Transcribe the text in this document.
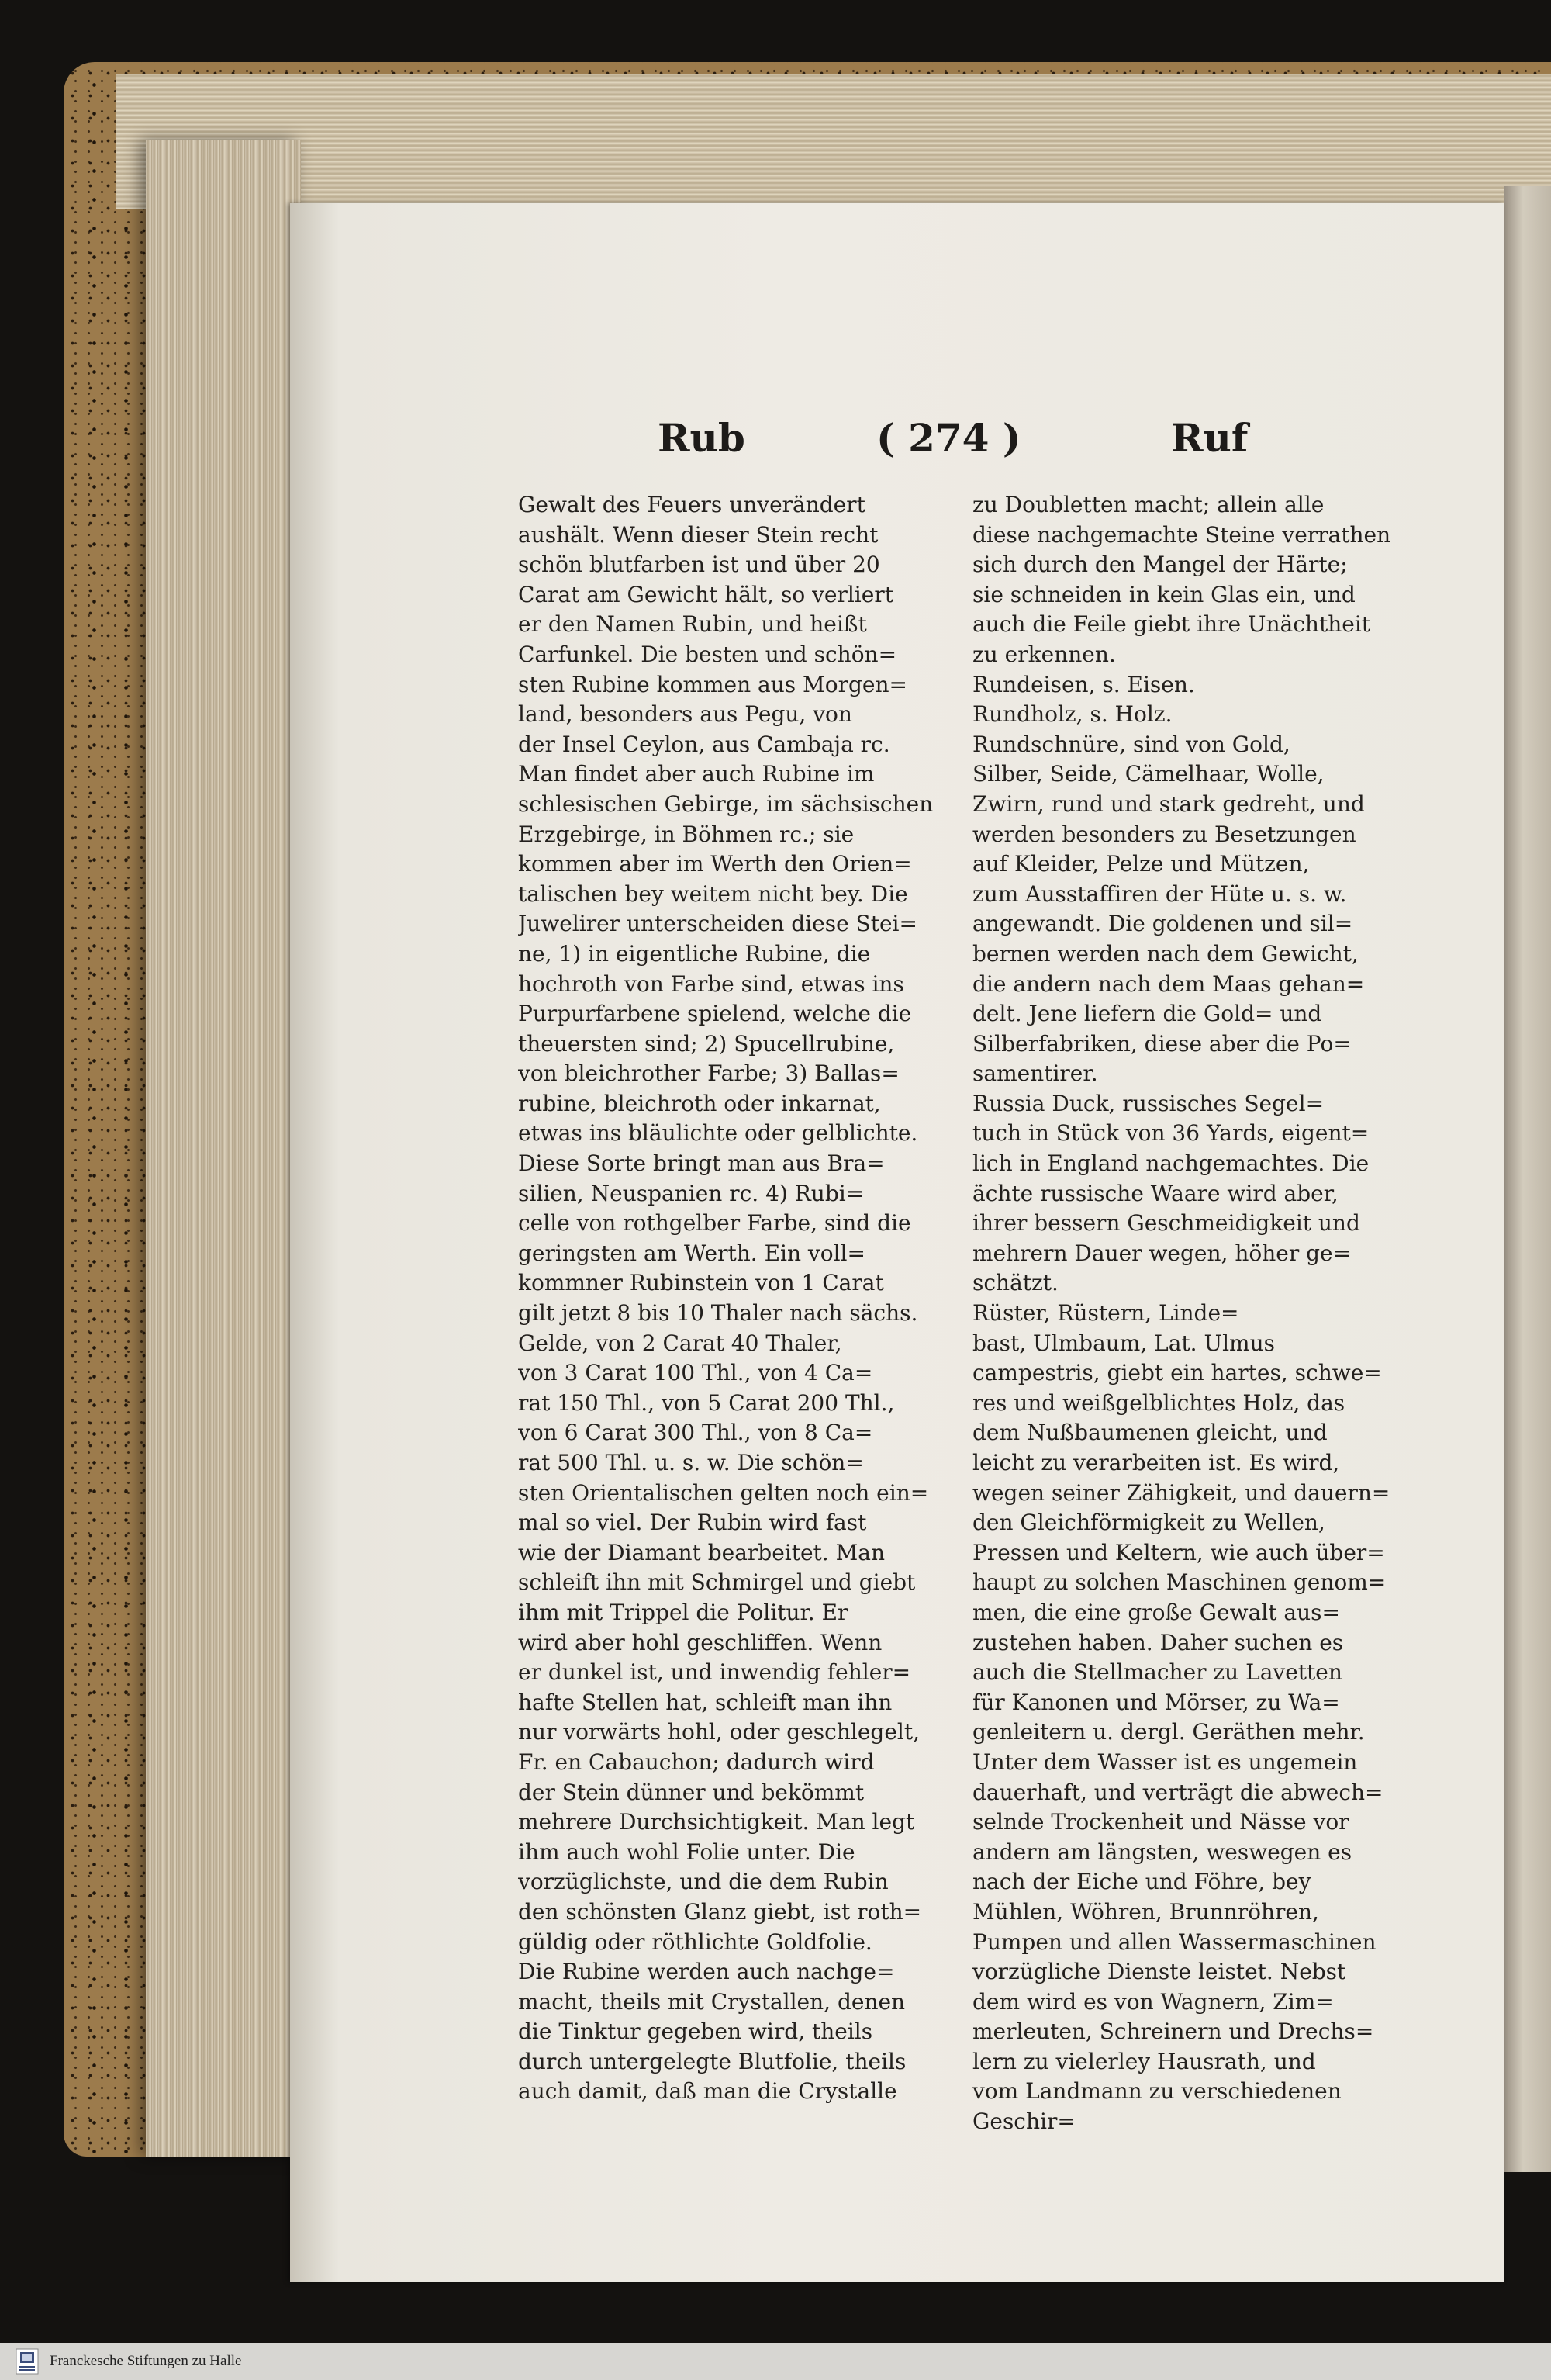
Rub	( 274 )	Ruf
Gewalt des Feuers unverändert
aushält. Wenn dieser Stein recht
schön blutfarben ist und über 20
Carat am Gewicht hält, so verliert
er den Namen Rubin, und heißt
Carfunkel. Die besten und schön=
sten Rubine kommen aus Morgen=
land, besonders aus Pegu, von
der Insel Ceylon, aus Cambaja rc.
Man findet aber auch Rubine im
schlesischen Gebirge, im sächsischen
Erzgebirge, in Böhmen rc.; sie
kommen aber im Werth den Orien=
talischen bey weitem nicht bey. Die
Juwelirer unterscheiden diese Stei=
ne, 1) in eigentliche Rubine, die
hochroth von Farbe sind, etwas ins
Purpurfarbene spielend, welche die
theuersten sind; 2) Spucellrubine,
von bleichrother Farbe; 3) Ballas=
rubine, bleichroth oder inkarnat,
etwas ins bläulichte oder gelblichte.
Diese Sorte bringt man aus Bra=
silien, Neuspanien rc. 4) Rubi=
celle von rothgelber Farbe, sind die
geringsten am Werth. Ein voll=
kommner Rubinstein von 1 Carat
gilt jetzt 8 bis 10 Thaler nach sächs.
Gelde, von 2 Carat 40 Thaler,
von 3 Carat 100 Thl., von 4 Ca=
rat 150 Thl., von 5 Carat 200 Thl.,
von 6 Carat 300 Thl., von 8 Ca=
rat 500 Thl. u. s. w. Die schön=
sten Orientalischen gelten noch ein=
mal so viel. Der Rubin wird fast
wie der Diamant bearbeitet. Man
schleift ihn mit Schmirgel und giebt
ihm mit Trippel die Politur. Er
wird aber hohl geschliffen. Wenn
er dunkel ist, und inwendig fehler=
hafte Stellen hat, schleift man ihn
nur vorwärts hohl, oder geschlegelt,
Fr. en Cabauchon; dadurch wird
der Stein dünner und bekömmt
mehrere Durchsichtigkeit. Man legt
ihm auch wohl Folie unter. Die
vorzüglichste, und die dem Rubin
den schönsten Glanz giebt, ist roth=
güldig oder röthlichte Goldfolie.
Die Rubine werden auch nachge=
macht, theils mit Crystallen, denen
die Tinktur gegeben wird, theils
durch untergelegte Blutfolie, theils
auch damit, daß man die Crystalle
zu Doubletten macht; allein alle
diese nachgemachte Steine verrathen
sich durch den Mangel der Härte;
sie schneiden in kein Glas ein, und
auch die Feile giebt ihre Unächtheit
zu erkennen.
Rundeisen, s. Eisen.
Rundholz, s. Holz.
Rundschnüre, sind von Gold,
Silber, Seide, Cämelhaar, Wolle,
Zwirn, rund und stark gedreht, und
werden besonders zu Besetzungen
auf Kleider, Pelze und Mützen,
zum Ausstaffiren der Hüte u. s. w.
angewandt. Die goldenen und sil=
bernen werden nach dem Gewicht,
die andern nach dem Maas gehan=
delt. Jene liefern die Gold= und
Silberfabriken, diese aber die Po=
samentirer.
Russia Duck, russisches Segel=
tuch in Stück von 36 Yards, eigent=
lich in England nachgemachtes. Die
ächte russische Waare wird aber,
ihrer bessern Geschmeidigkeit und
mehrern Dauer wegen, höher ge=
schätzt.
Rüster, Rüstern, Linde=
bast, Ulmbaum, Lat. Ulmus
campestris, giebt ein hartes, schwe=
res und weißgelblichtes Holz, das
dem Nußbaumenen gleicht, und
leicht zu verarbeiten ist. Es wird,
wegen seiner Zähigkeit, und dauern=
den Gleichförmigkeit zu Wellen,
Pressen und Keltern, wie auch über=
haupt zu solchen Maschinen genom=
men, die eine große Gewalt aus=
zustehen haben. Daher suchen es
auch die Stellmacher zu Lavetten
für Kanonen und Mörser, zu Wa=
genleitern u. dergl. Geräthen mehr.
Unter dem Wasser ist es ungemein
dauerhaft, und verträgt die abwech=
selnde Trockenheit und Nässe vor
andern am längsten, weswegen es
nach der Eiche und Föhre, bey
Mühlen, Wöhren, Brunnröhren,
Pumpen und allen Wassermaschinen
vorzügliche Dienste leistet. Nebst
dem wird es von Wagnern, Zim=
merleuten, Schreinern und Drechs=
lern zu vielerley Hausrath, und
vom Landmann zu verschiedenen
Geschir=
Franckesche Stiftungen zu Halle
